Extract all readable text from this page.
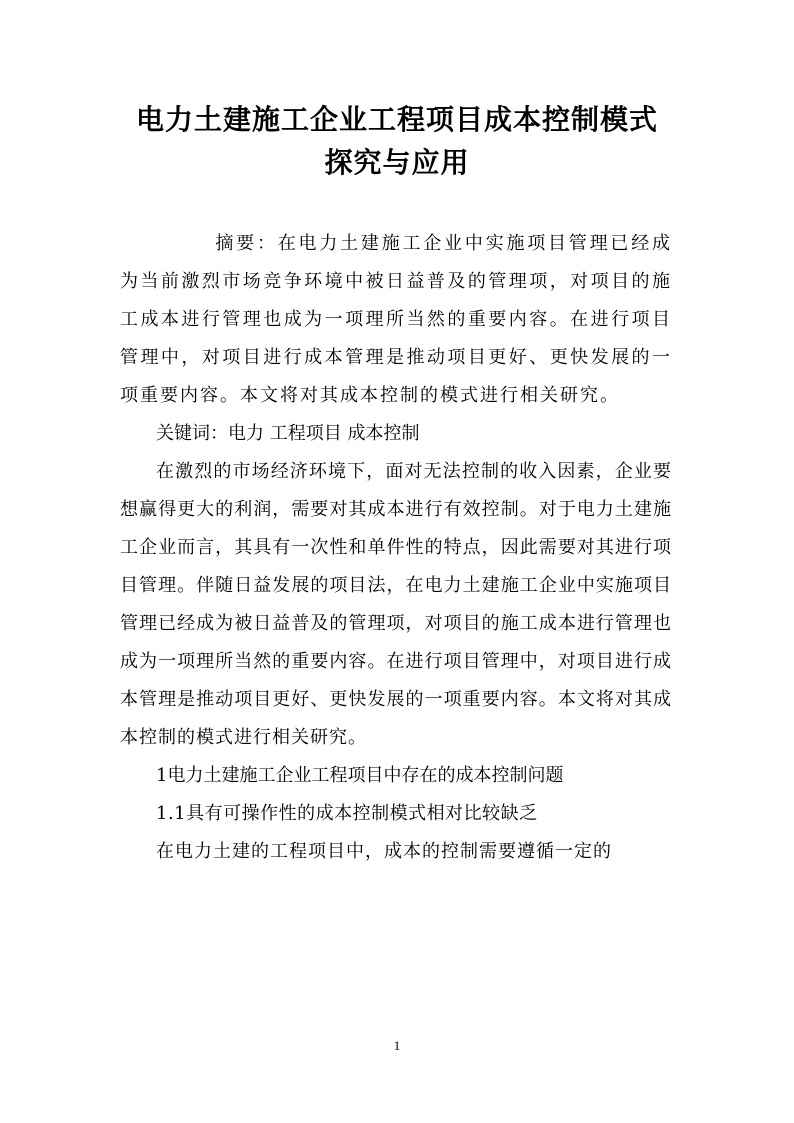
电力土建施工企业工程项目成本控制模式
探究与应用

摘要：在电力土建施工企业中实施项目管理已经成为当前激烈市场竞争环境中被日益普及的管理项，对项目的施工成本进行管理也成为一项理所当然的重要内容。在进行项目管理中，对项目进行成本管理是推动项目更好、更快发展的一项重要内容。本文将对其成本控制的模式进行相关研究。

关键词：电力 工程项目 成本控制

在激烈的市场经济环境下，面对无法控制的收入因素，企业要想赢得更大的利润，需要对其成本进行有效控制。对于电力土建施工企业而言，其具有一次性和单件性的特点，因此需要对其进行项目管理。伴随日益发展的项目法，在电力土建施工企业中实施项目管理已经成为被日益普及的管理项，对项目的施工成本进行管理也成为一项理所当然的重要内容。在进行项目管理中，对项目进行成本管理是推动项目更好、更快发展的一项重要内容。本文将对其成本控制的模式进行相关研究。

1电力土建施工企业工程项目中存在的成本控制问题

1.1具有可操作性的成本控制模式相对比较缺乏

在电力土建的工程项目中，成本的控制需要遵循一定的

1
